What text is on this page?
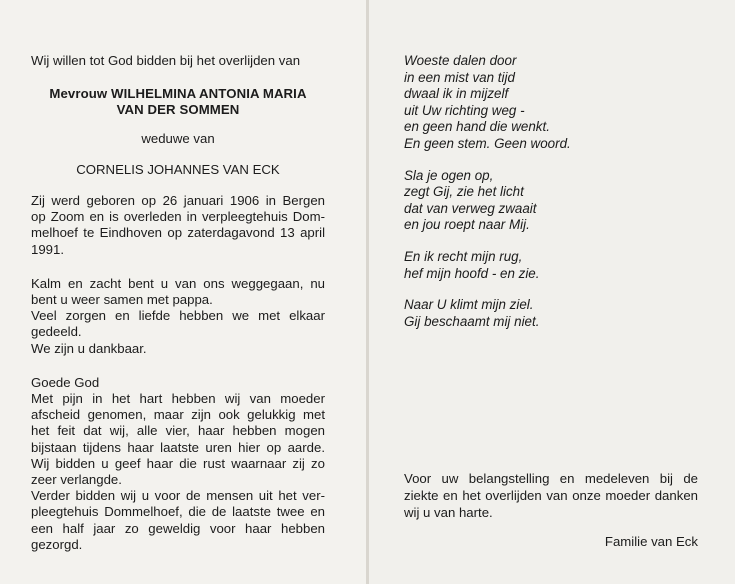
Wij willen tot God bidden bij het overlijden van

Mevrouw WILHELMINA ANTONIA MARIA
VAN DER SOMMEN

weduwe van

CORNELIS JOHANNES VAN ECK

Zij werd geboren op 26 januari 1906 in Bergen
op Zoom en is overleden in verpleegtehuis Dom-
melhoef te Eindhoven op zaterdagavond 13 april
1991.
Kalm en zacht bent u van ons weggegaan, nu
bent u weer samen met pappa.
Veel zorgen en liefde hebben we met elkaar
gedeeld.
We zijn u dankbaar.
Goede God
Met pijn in het hart hebben wij van moeder
afscheid genomen, maar zijn ook gelukkig met
het feit dat wij, alle vier, haar hebben mogen
bijstaan tijdens haar laatste uren hier op aarde.
Wij bidden u geef haar die rust waarnaar zij zo
zeer verlangde.
Verder bidden wij u voor de mensen uit het ver-
pleegtehuis Dommelhoef, die de laatste twee en
een half jaar zo geweldig voor haar hebben
gezorgd.
Woeste dalen door
in een mist van tijd
dwaal ik in mijzelf
uit Uw richting weg -
en geen hand die wenkt.
En geen stem. Geen woord.
Sla je ogen op,
zegt Gij, zie het licht
dat van verweg zwaait
en jou roept naar Mij.
En ik recht mijn rug,
hef mijn hoofd - en zie.
Naar U klimt mijn ziel.
Gij beschaamt mij niet.
Voor uw belangstelling en medeleven bij de
ziekte en het overlijden van onze moeder danken
wij u van harte.
Familie van Eck
